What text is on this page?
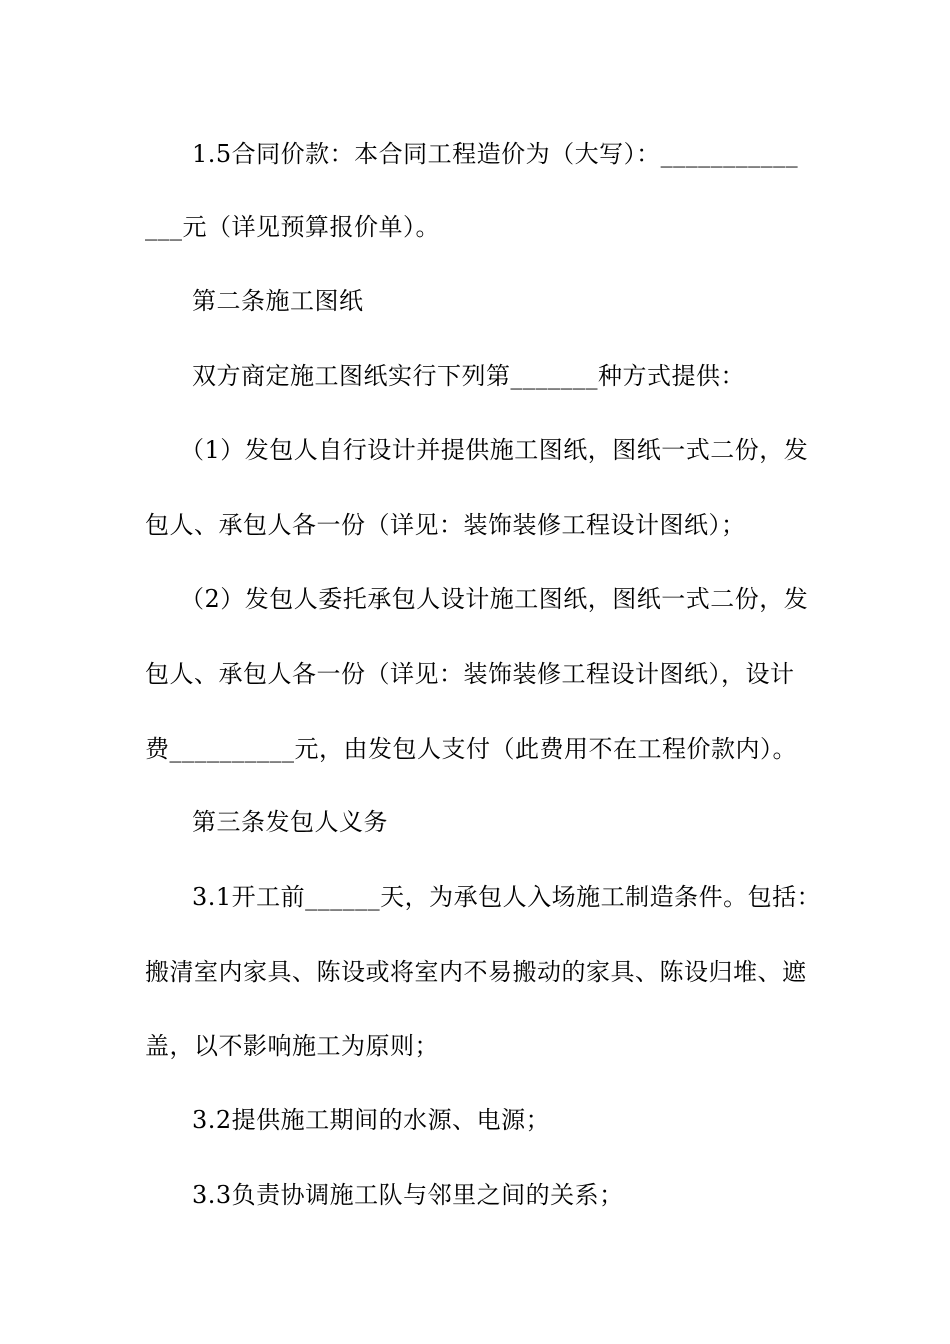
1.5合同价款：本合同工程造价为（大写）：___________
___元（详见预算报价单）。
第二条施工图纸
双方商定施工图纸实行下列第_______种方式提供：
（1）发包人自行设计并提供施工图纸，图纸一式二份，发
包人、承包人各一份（详见：装饰装修工程设计图纸）；
（2）发包人委托承包人设计施工图纸，图纸一式二份，发
包人、承包人各一份（详见：装饰装修工程设计图纸），设计
费__________元，由发包人支付（此费用不在工程价款内）。
第三条发包人义务
3.1开工前______天，为承包人入场施工制造条件。包括：
搬清室内家具、陈设或将室内不易搬动的家具、陈设归堆、遮
盖，以不影响施工为原则；
3.2提供施工期间的水源、电源；
3.3负责协调施工队与邻里之间的关系；
